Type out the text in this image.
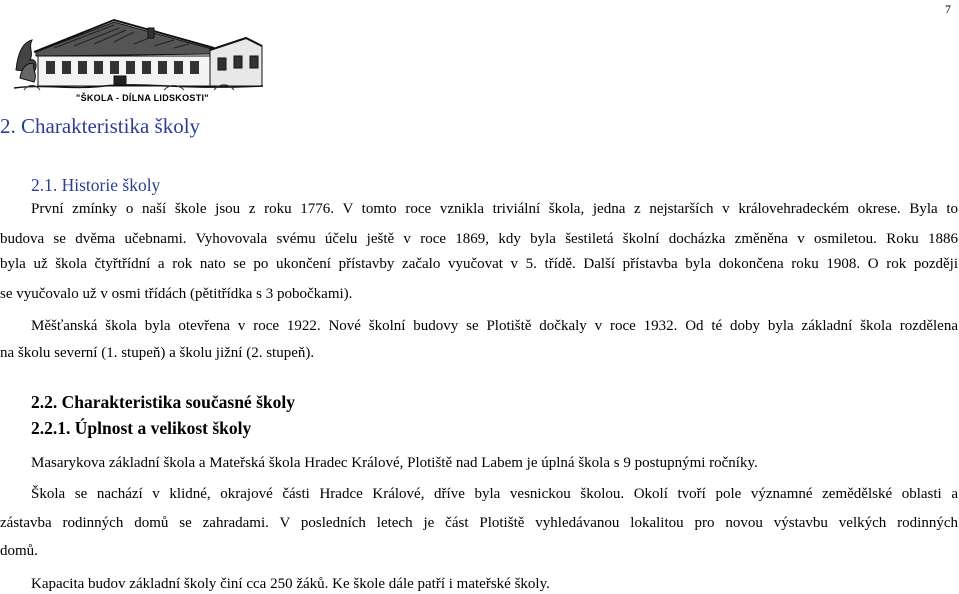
7
"ŠKOLA - DÍLNA LIDSKOSTI"
2. Charakteristika školy
2.1. Historie školy
První zmínky o naší škole jsou z roku 1776. V tomto roce vznikla triviální škola, jedna z nejstarších v královehradeckém okrese. Byla to
budova se dvěma učebnami. Vyhovovala svému účelu ještě v roce 1869, kdy byla šestiletá školní docházka změněna v osmiletou. Roku 1886
byla už škola čtyřtřídní a rok nato se po ukončení přístavby začalo vyučovat v 5. třídě. Další přístavba byla dokončena roku 1908. O rok později
se vyučovalo už v osmi třídách (pětitřídka s 3 pobočkami).
Měšťanská škola byla otevřena v roce 1922. Nové školní budovy se Plotiště dočkaly v roce 1932. Od té doby byla základní škola rozdělena
na školu severní (1. stupeň) a školu jižní (2. stupeň).
2.2. Charakteristika současné školy
2.2.1. Úplnost a velikost školy
Masarykova základní škola a Mateřská škola Hradec Králové, Plotiště nad Labem je úplná škola s 9 postupnými ročníky.
Škola se nachází v klidné, okrajové části Hradce Králové, dříve byla vesnickou školou. Okolí tvoří pole významné zemědělské oblasti a
zástavba rodinných domů se zahradami. V posledních letech je část Plotiště vyhledávanou lokalitou pro novou výstavbu velkých rodinných
domů.
Kapacita budov základní školy činí cca 250 žáků. Ke škole dále patří i mateřské školy.
